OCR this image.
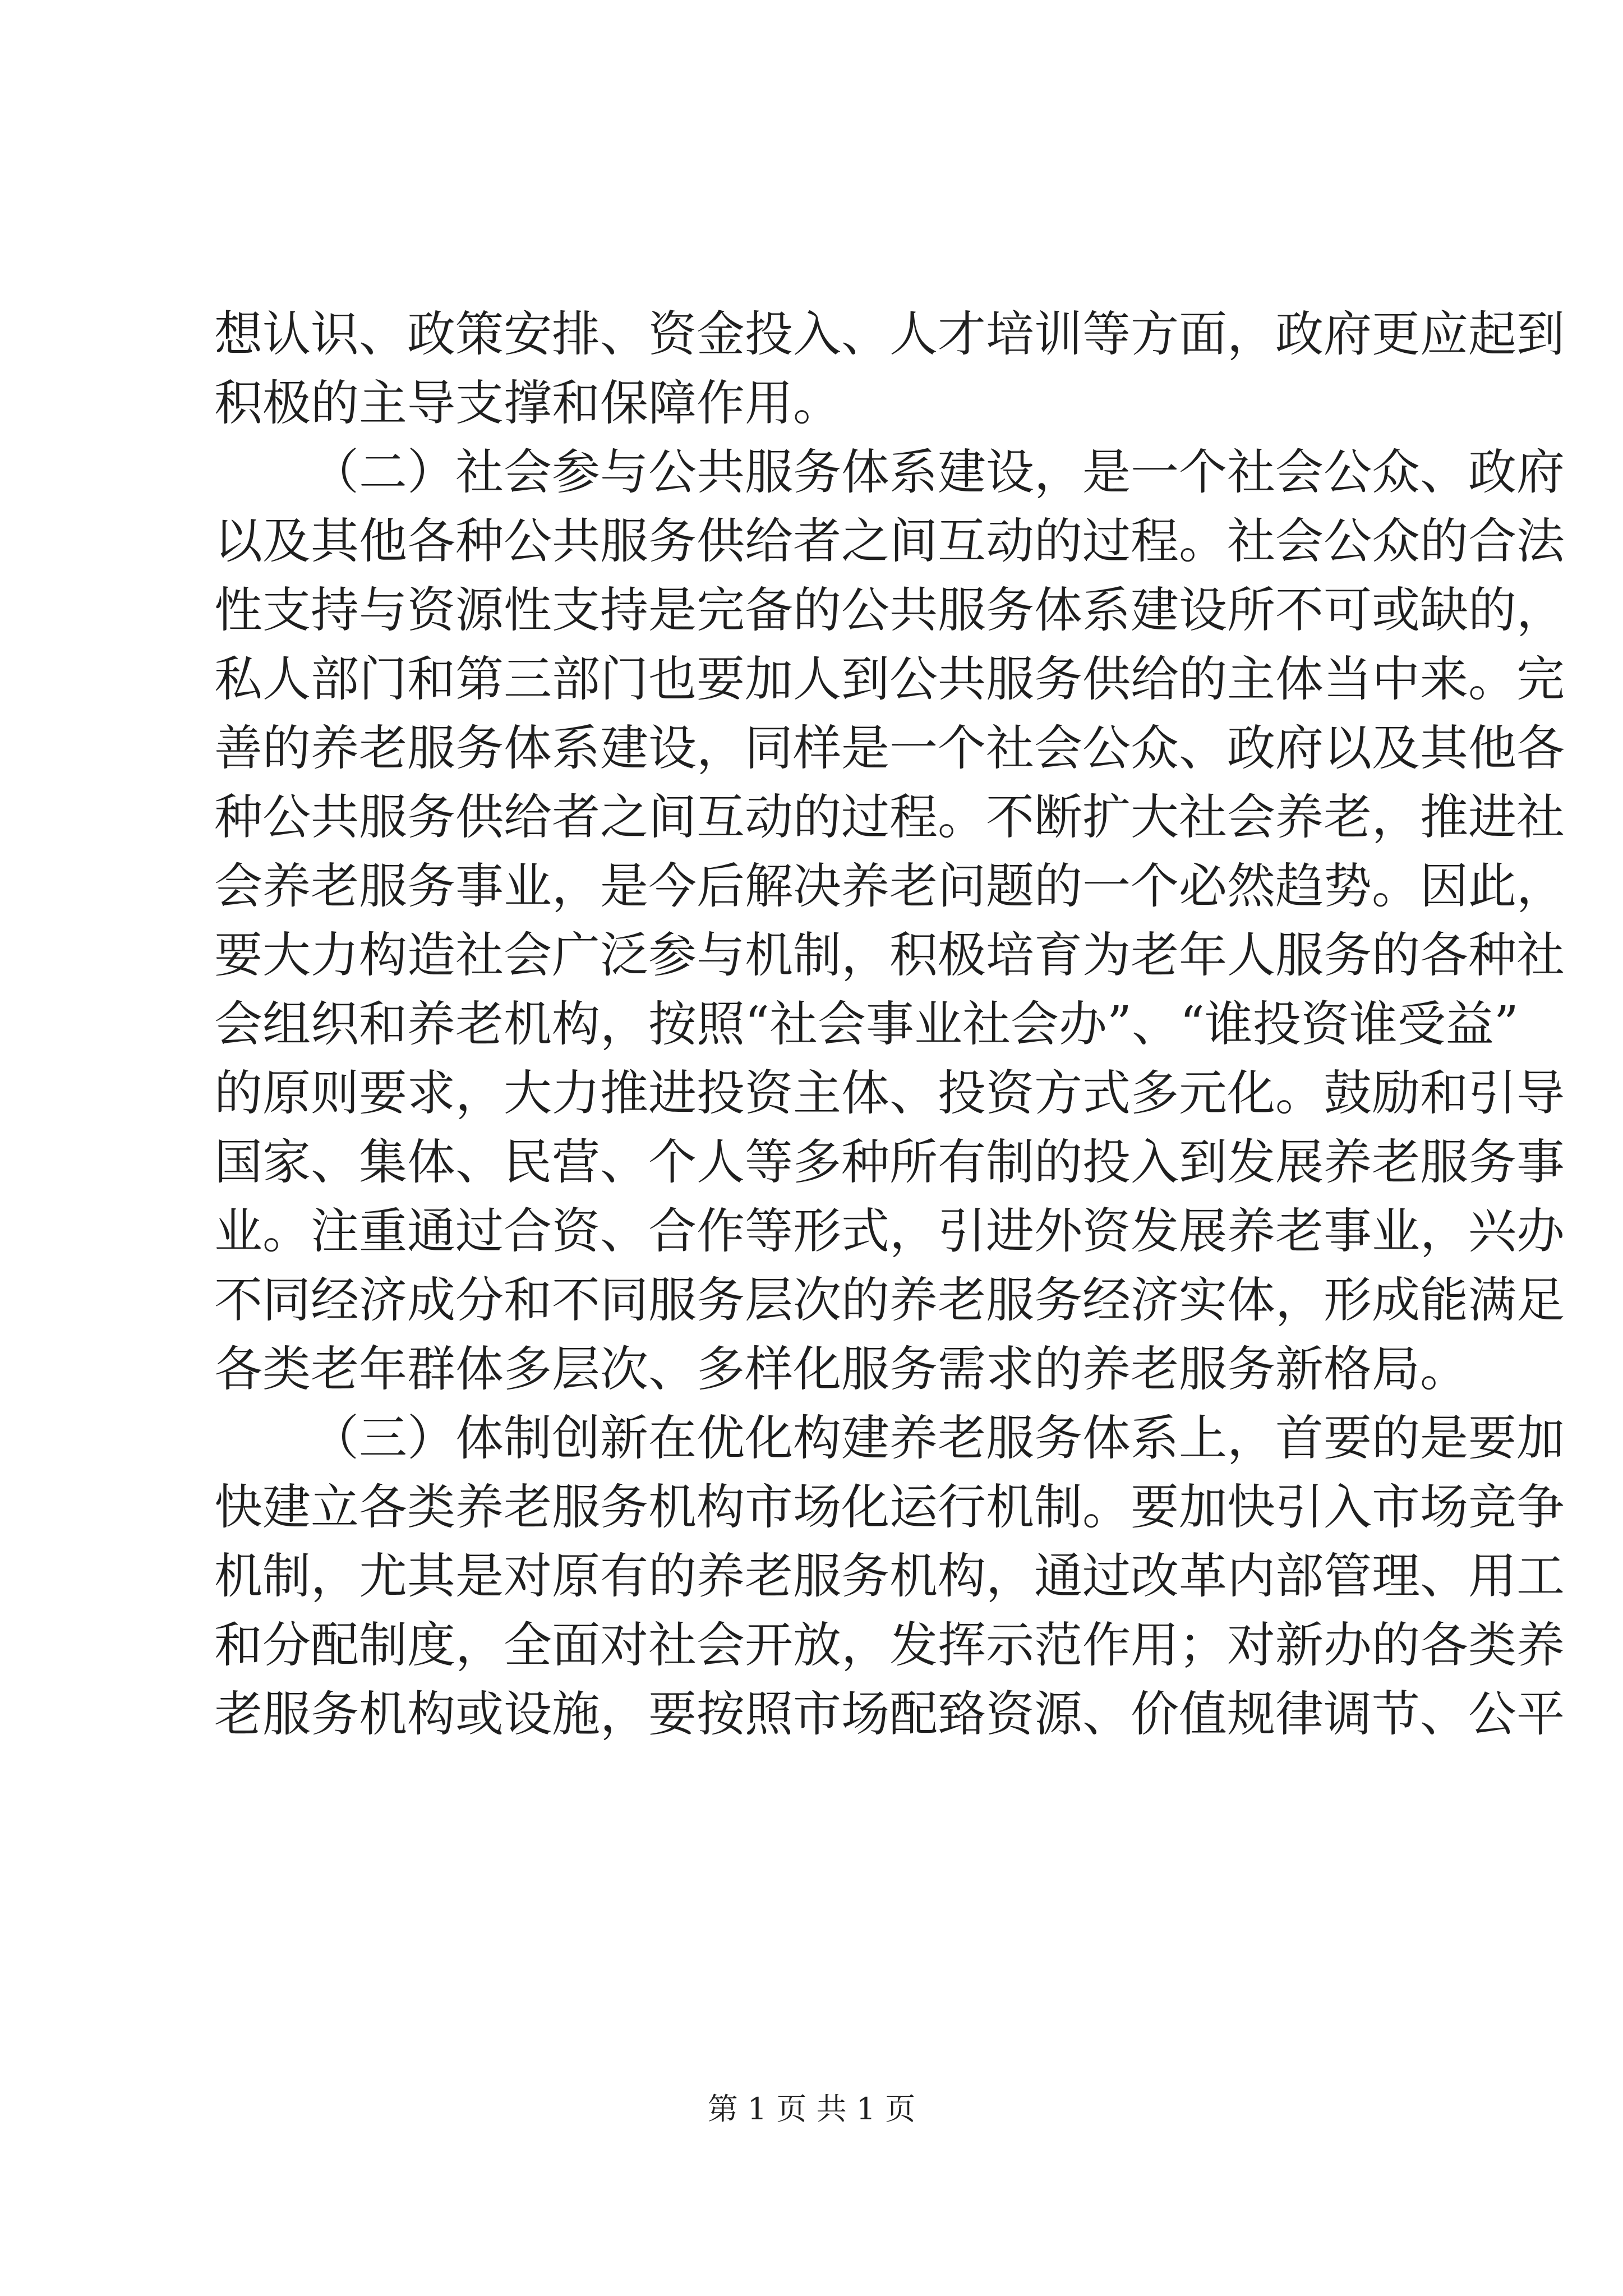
想认识、政策安排、资金投入、人才培训等方面，政府更应起到
积极的主导支撑和保障作用。
（二）社会参与公共服务体系建设，是一个社会公众、政府
以及其他各种公共服务供给者之间互动的过程。社会公众的合法
性支持与资源性支持是完备的公共服务体系建设所不可或缺的，
私人部门和第三部门也要加人到公共服务供给的主体当中来。完
善的养老服务体系建设，同样是一个社会公众、政府以及其他各
种公共服务供给者之间互动的过程。不断扩大社会养老，推进社
会养老服务事业，是今后解决养老问题的一个必然趋势。因此，
要大力构造社会广泛参与机制，积极培育为老年人服务的各种社
会组织和养老机构，按照“社会事业社会办”、“谁投资谁受益”
的原则要求，大力推进投资主体、投资方式多元化。鼓励和引导
国家、集体、民营、个人等多种所有制的投入到发展养老服务事
业。注重通过合资、合作等形式，引进外资发展养老事业，兴办
不同经济成分和不同服务层次的养老服务经济实体，形成能满足
各类老年群体多层次、多样化服务需求的养老服务新格局。
（三）体制创新在优化构建养老服务体系上，首要的是要加
快建立各类养老服务机构市场化运行机制。要加快引入市场竞争
机制，尤其是对原有的养老服务机构，通过改革内部管理、用工
和分配制度，全面对社会开放，发挥示范作用；对新办的各类养
老服务机构或设施，要按照市场配臵资源、价值规律调节、公平
第 1 页 共 1 页
